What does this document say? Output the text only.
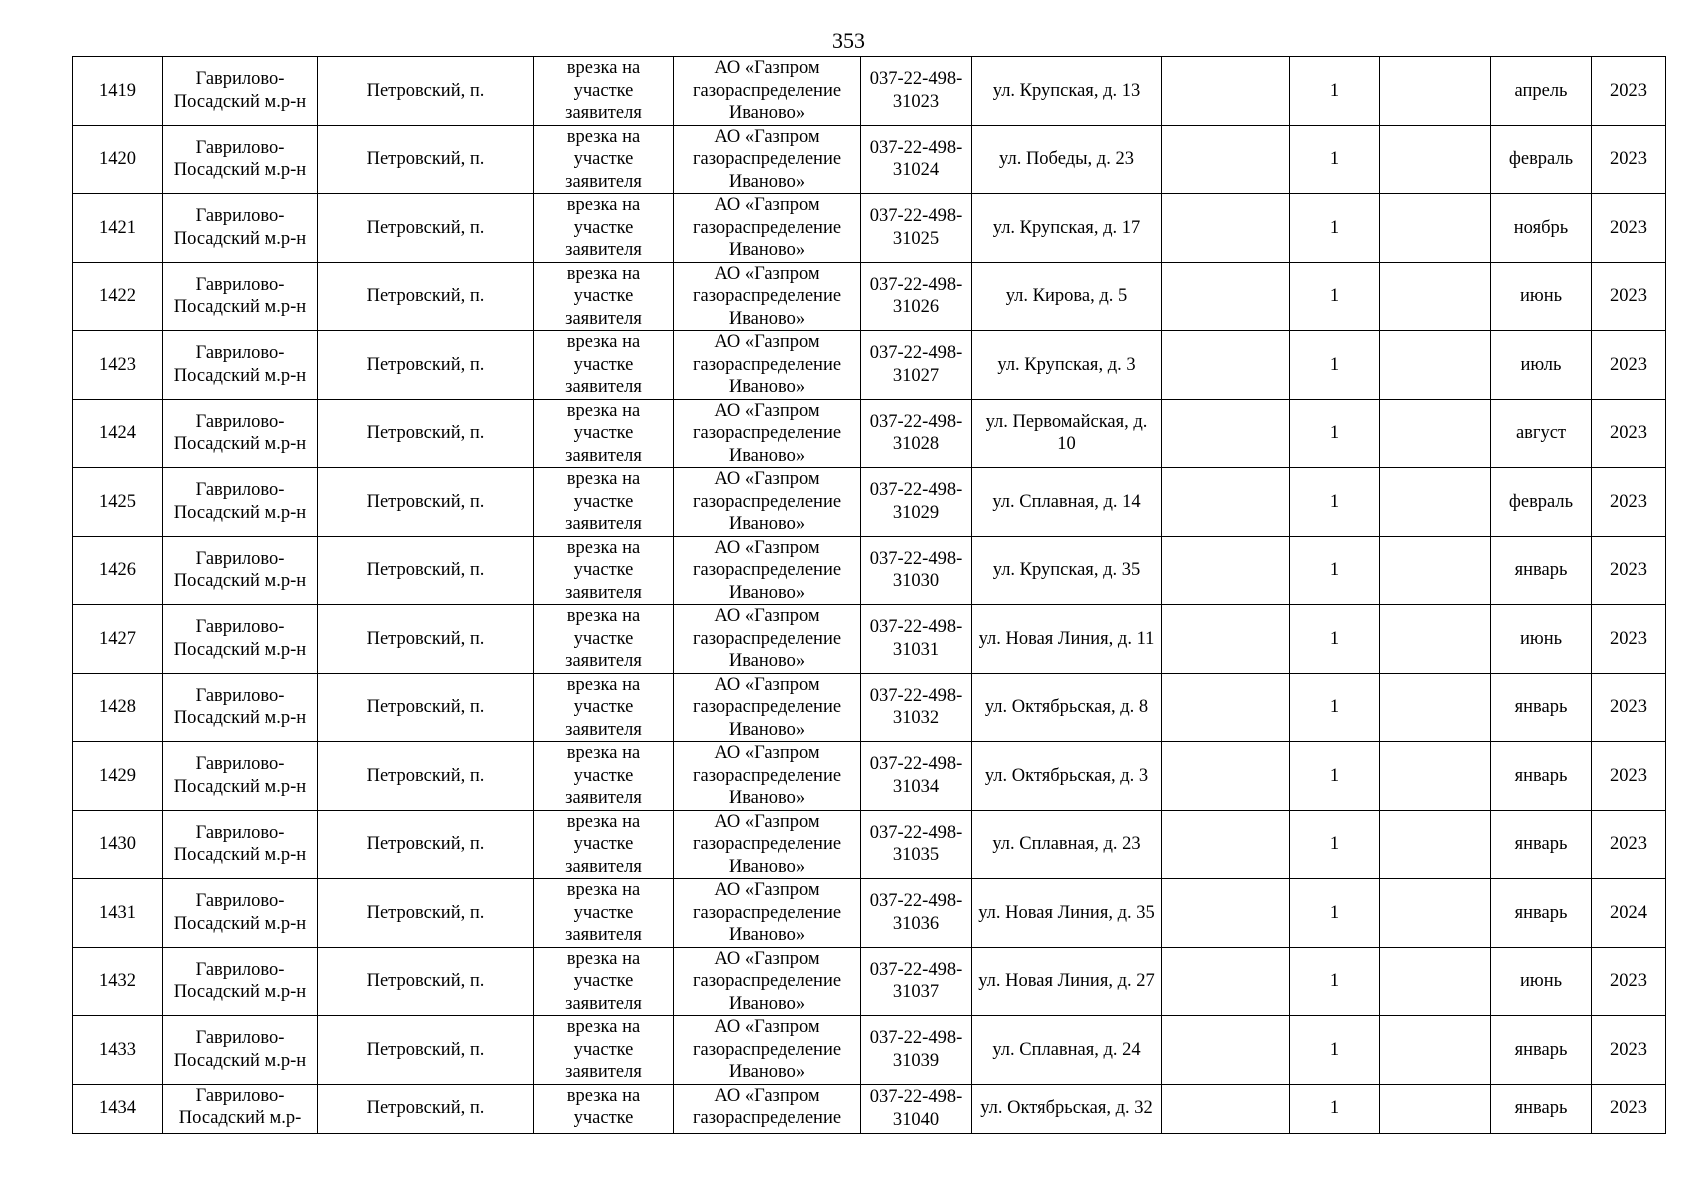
353
1419	Гаврилово-Посадский м.р-н	Петровский, п.	врезка на участке заявителя	АО «Газпром газораспределение Иваново»	037-22-498-31023	ул. Крупская, д. 13		1		апрель	2023
1420	Гаврилово-Посадский м.р-н	Петровский, п.	врезка на участке заявителя	АО «Газпром газораспределение Иваново»	037-22-498-31024	ул. Победы, д. 23		1		февраль	2023
1421	Гаврилово-Посадский м.р-н	Петровский, п.	врезка на участке заявителя	АО «Газпром газораспределение Иваново»	037-22-498-31025	ул. Крупская, д. 17		1		ноябрь	2023
1422	Гаврилово-Посадский м.р-н	Петровский, п.	врезка на участке заявителя	АО «Газпром газораспределение Иваново»	037-22-498-31026	ул. Кирова, д. 5		1		июнь	2023
1423	Гаврилово-Посадский м.р-н	Петровский, п.	врезка на участке заявителя	АО «Газпром газораспределение Иваново»	037-22-498-31027	ул. Крупская, д. 3		1		июль	2023
1424	Гаврилово-Посадский м.р-н	Петровский, п.	врезка на участке заявителя	АО «Газпром газораспределение Иваново»	037-22-498-31028	ул. Первомайская, д. 10		1		август	2023
1425	Гаврилово-Посадский м.р-н	Петровский, п.	врезка на участке заявителя	АО «Газпром газораспределение Иваново»	037-22-498-31029	ул. Сплавная, д. 14		1		февраль	2023
1426	Гаврилово-Посадский м.р-н	Петровский, п.	врезка на участке заявителя	АО «Газпром газораспределение Иваново»	037-22-498-31030	ул. Крупская, д. 35		1		январь	2023
1427	Гаврилово-Посадский м.р-н	Петровский, п.	врезка на участке заявителя	АО «Газпром газораспределение Иваново»	037-22-498-31031	ул. Новая Линия, д. 11		1		июнь	2023
1428	Гаврилово-Посадский м.р-н	Петровский, п.	врезка на участке заявителя	АО «Газпром газораспределение Иваново»	037-22-498-31032	ул. Октябрьская, д. 8		1		январь	2023
1429	Гаврилово-Посадский м.р-н	Петровский, п.	врезка на участке заявителя	АО «Газпром газораспределение Иваново»	037-22-498-31034	ул. Октябрьская, д. 3		1		январь	2023
1430	Гаврилово-Посадский м.р-н	Петровский, п.	врезка на участке заявителя	АО «Газпром газораспределение Иваново»	037-22-498-31035	ул. Сплавная, д. 23		1		январь	2023
1431	Гаврилово-Посадский м.р-н	Петровский, п.	врезка на участке заявителя	АО «Газпром газораспределение Иваново»	037-22-498-31036	ул. Новая Линия, д. 35		1		январь	2024
1432	Гаврилово-Посадский м.р-н	Петровский, п.	врезка на участке заявителя	АО «Газпром газораспределение Иваново»	037-22-498-31037	ул. Новая Линия, д. 27		1		июнь	2023
1433	Гаврилово-Посадский м.р-н	Петровский, п.	врезка на участке заявителя	АО «Газпром газораспределение Иваново»	037-22-498-31039	ул. Сплавная, д. 24		1		январь	2023
1434	Гаврилово-Посадский м.р-	Петровский, п.	врезка на участке	АО «Газпром газораспределение	037-22-498-31040	ул. Октябрьская, д. 32		1		январь	2023
